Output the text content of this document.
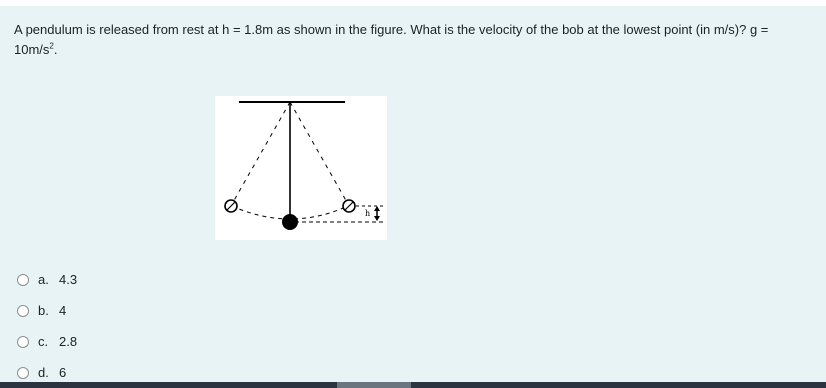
A pendulum is released from rest at h = 1.8m as shown in the figure. What is the velocity of the bob at the lowest point (in m/s)? $g = 10m/s^2$.

h
a. 4.3
b. 4
c. 2.8
d. 6
